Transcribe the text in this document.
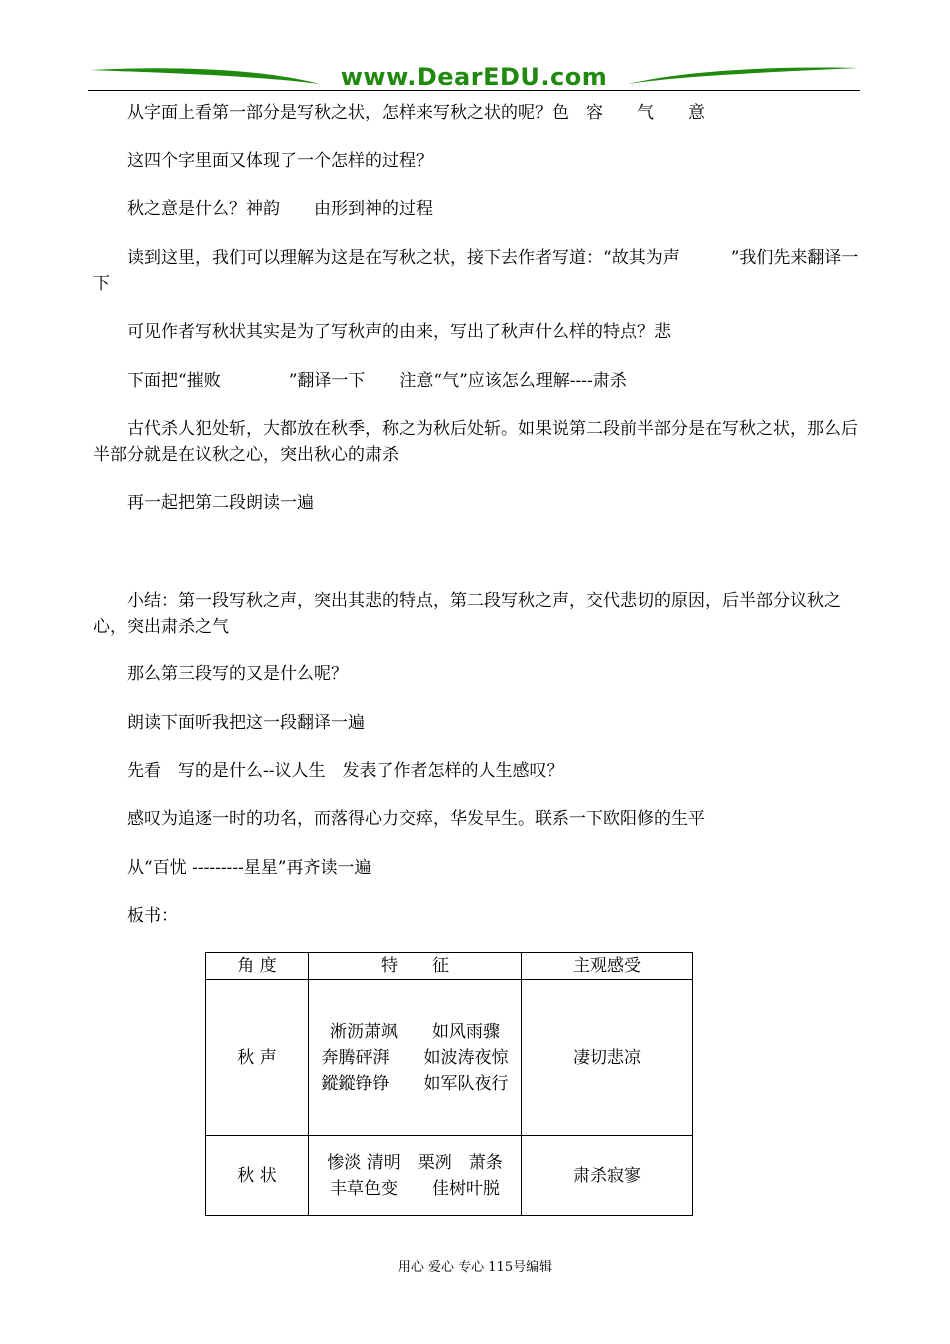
www.DearEDU.com

从字面上看第一部分是写秋之状，怎样来写秋之状的呢？色　容　　气　　意

这四个字里面又体现了一个怎样的过程？

秋之意是什么？神韵　　由形到神的过程

读到这里，我们可以理解为这是在写秋之状，接下去作者写道：“故其为声　　　”我们先来翻译一下

可见作者写秋状其实是为了写秋声的由来，写出了秋声什么样的特点？悲

下面把“摧败　　　　”翻译一下　　注意“气”应该怎么理解----肃杀

古代杀人犯处斩，大都放在秋季，称之为秋后处斩。如果说第二段前半部分是在写秋之状，那么后半部分就是在议秋之心，突出秋心的肃杀

再一起把第二段朗读一遍

小结：第一段写秋之声，突出其悲的特点，第二段写秋之声，交代悲切的原因，后半部分议秋之心，突出肃杀之气

那么第三段写的又是什么呢？

朗读下面听我把这一段翻译一遍

先看　写的是什么--议人生　发表了作者怎样的人生感叹？

感叹为追逐一时的功名，而落得心力交瘁，华发早生。联系一下欧阳修的生平

从“百忧 ---------星星”再齐读一遍

板书：

角 度	特　　征	主观感受
秋 声	淅沥萧飒　　如风雨骤
奔腾砰湃　　如波涛夜惊
鏦鏦铮铮　　如军队夜行	凄切悲凉
秋 状	惨淡 清明　栗冽　萧条　　丰草色变　　佳树叶脱	肃杀寂寥
用心 爱心 专心 115号编辑
